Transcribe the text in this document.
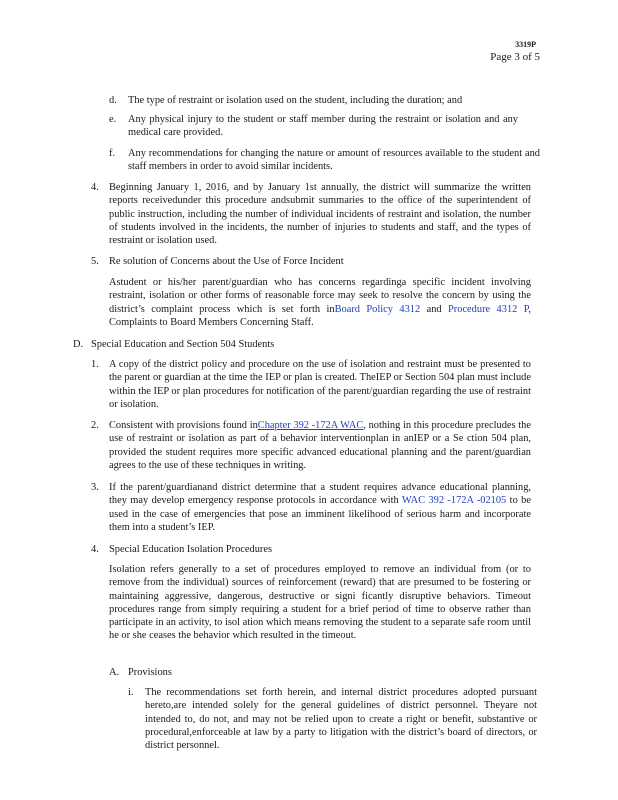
3319P
Page 3 of 5
d. The type of restraint or isolation used on the student, including the duration; and

e. Any physical injury to the student or staff member during the restraint or isolation and any medical care provided.

f. Any recommendations for changing the nature or amount of resources available to the student and staff members in order to avoid similar incidents.

4. Beginning January 1, 2016, and by January 1st annually, the district will summarize the written reports receivedunder this procedure andsubmit summaries to the office of the superintendent of public instruction, including the number of individual incidents of restraint and isolation, the number of students involved in the incidents, the number of injuries to students and staff, and the types of restraint or isolation used.

5. Re solution of Concerns about the Use of Force Incident

Astudent or his/her parent/guardian who has concerns regardinga specific incident involving restraint, isolation or other forms of reasonable force may seek to resolve the concern by using the district’s complaint process which is set forth inBoard Policy 4312 and Procedure 4312 P, Complaints to Board Members Concerning Staff.

D. Special Education and Section 504 Students
1. A copy of the district policy and procedure on the use of isolation and restraint must be presented to the parent or guardian at the time the IEP or plan is created. TheIEP or Section 504 plan must include within the IEP or plan procedures for notification of the parent/guardian regarding the use of restraint or isolation.

2. Consistent with provisions found inChapter 392 -172A WAC, nothing in this procedure precludes the use of restraint or isolation as part of a behavior interventionplan in anIEP or a Se ction 504 plan, provided the student requires more specific advanced educational planning and the parent/guardian agrees to the use of these techniques in writing.

3. If the parent/guardianand district determine that a student requires advance educational planning, they may develop emergency response protocols in accordance with WAC 392 -172A -02105 to be used in the case of emergencies that pose an imminent likelihood of serious harm and incorporate them into a student’s IEP.

4. Special Education Isolation Procedures

Isolation refers generally to a set of procedures employed to remove an individual from (or to remove from the individual) sources of reinforcement (reward) that are presumed to be fostering or maintaining aggressive, dangerous, destructive or signi ficantly disruptive behaviors. Timeout procedures range from simply requiring a student for a brief period of time to observe rather than participate in an activity, to isol ation which means removing the student to a separate safe room until he or she ceases the behavior which resulted in the timeout.

A. Provisions
i. The recommendations set forth herein, and internal district procedures adopted pursuant hereto,are intended solely for the general guidelines of district personnel. Theyare not intended to, do not, and may not be relied upon to create a right or benefit, substantive or procedural,enforceable at law by a party to litigation with the district’s board of directors, or district personnel.
